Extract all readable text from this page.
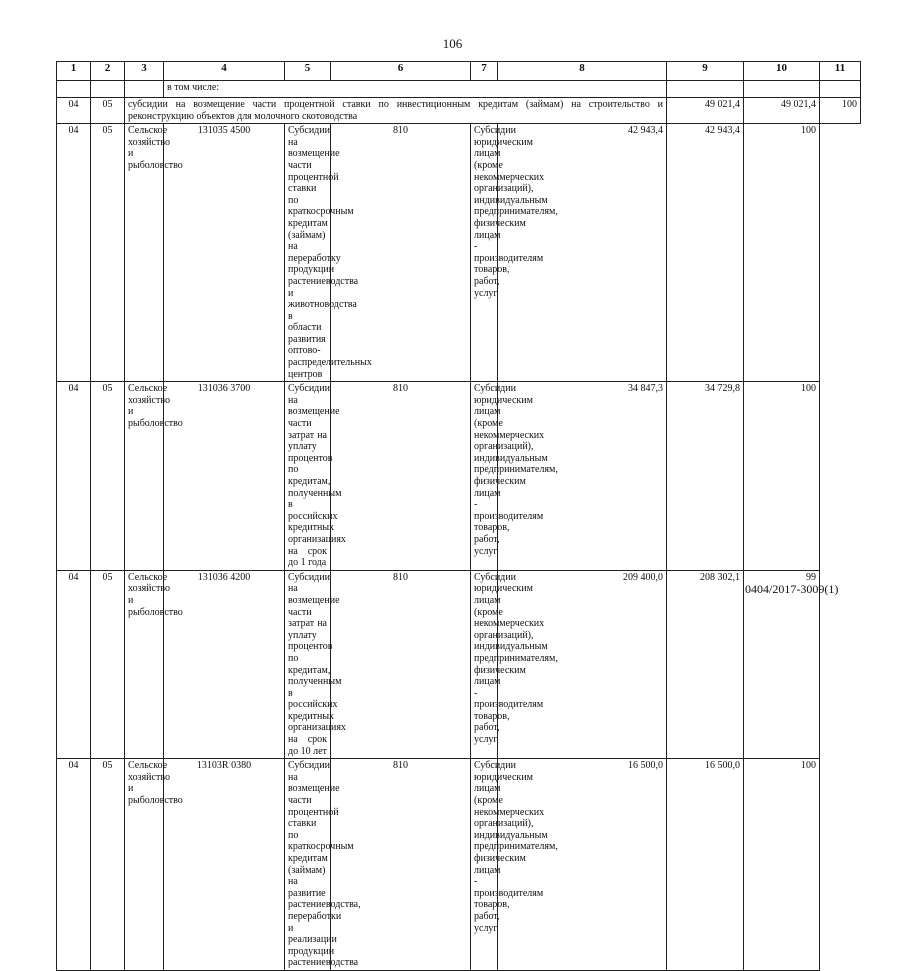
106
1	2	3	4	5	6	7	8	9	10	11
			в том числе:							
04	05	субсидии на возмещение части процентной ставки по инвестиционным кредитам (займам) на строительство и реконструкцию объектов для молочного скотоводства						49 021,4	49 021,4	100
04	05	Сельское хозяйство и рыболовство	131035 4500	Субсидии на возмещение части процентной ставки по краткосрочным кредитам (займам) на переработку продукции растениеводства и животноводства в области развития оптово-распределительных центров	810	Субсидии юридическим лицам (кроме некоммерческих организаций), индивидуальным предпринимателям, физическим лицам - производителям товаров, работ, услуг	42 943,4	42 943,4	100	
04	05	Сельское хозяйство и рыболовство	131036 3700	Субсидии на возмещение части затрат на уплату процентов по кредитам, полученным в российских кредитных организациях на срок до 1 года	810	Субсидии юридическим лицам (кроме некоммерческих организаций), индивидуальным предпринимателям, физическим лицам - производителям товаров, работ, услуг	34 847,3	34 729,8	100	
04	05	Сельское хозяйство и рыболовство	131036 4200	Субсидии на возмещение части затрат на уплату процентов по кредитам, полученным в российских кредитных организациях на срок до 10 лет	810	Субсидии юридическим лицам (кроме некоммерческих организаций), индивидуальным предпринимателям, физическим лицам - производителям товаров, работ, услуг	209 400,0	208 302,1	99	
04	05	Сельское хозяйство и рыболовство	13103R 0380	Субсидии на возмещение части процентной ставки по краткосрочным кредитам (займам) на развитие растениеводства, переработки и реализации продукции растениеводства	810	Субсидии юридическим лицам (кроме некоммерческих организаций), индивидуальным предпринимателям, физическим лицам - производителям товаров, работ, услуг	16 500,0	16 500,0	100	
0404/2017-3009(1)
